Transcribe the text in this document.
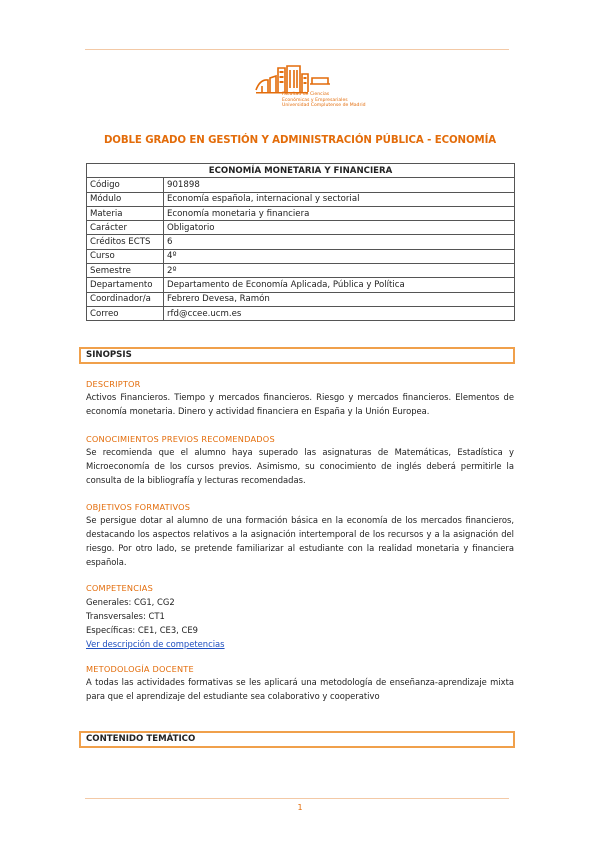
Facultad de Ciencias
Económicas y Empresariales
Universidad Complutense de Madrid
DOBLE GRADO EN GESTIÓN Y ADMINISTRACIÓN PÚBLICA - ECONOMÍA
ECONOMÍA MONETARIA Y FINANCIERA	
Código	901898
Módulo	Economía española, internacional y sectorial
Materia	Economía monetaria y financiera
Carácter	Obligatorio
Créditos ECTS	6
Curso	4º
Semestre	2º
Departamento	Departamento de Economía Aplicada, Pública y Política
Coordinador/a	Febrero Devesa, Ramón
Correo	rfd@ccee.ucm.es
SINOPSIS
DESCRIPTOR
Activos Financieros. Tiempo y mercados financieros. Riesgo y mercados financieros. Elementos de economía monetaria. Dinero y actividad financiera en España y la Unión Europea.
CONOCIMIENTOS PREVIOS RECOMENDADOS
Se recomienda que el alumno haya superado las asignaturas de Matemáticas, Estadística y Microeconomía de los cursos previos. Asimismo, su conocimiento de inglés deberá permitirle la consulta de la bibliografía y lecturas recomendadas.
OBJETIVOS FORMATIVOS
Se persigue dotar al alumno de una formación básica en la economía de los mercados financieros, destacando los aspectos relativos a la asignación intertemporal de los recursos y a la asignación del riesgo. Por otro lado, se pretende familiarizar al estudiante con la realidad monetaria y financiera española.
COMPETENCIAS
Generales: CG1, CG2
Transversales: CT1
Específicas: CE1, CE3, CE9
Ver descripción de competencias
METODOLOGÍA DOCENTE
A todas las actividades formativas se les aplicará una metodología de enseñanza-aprendizaje mixta para que el aprendizaje del estudiante sea colaborativo y cooperativo
CONTENIDO TEMÁTICO
1
